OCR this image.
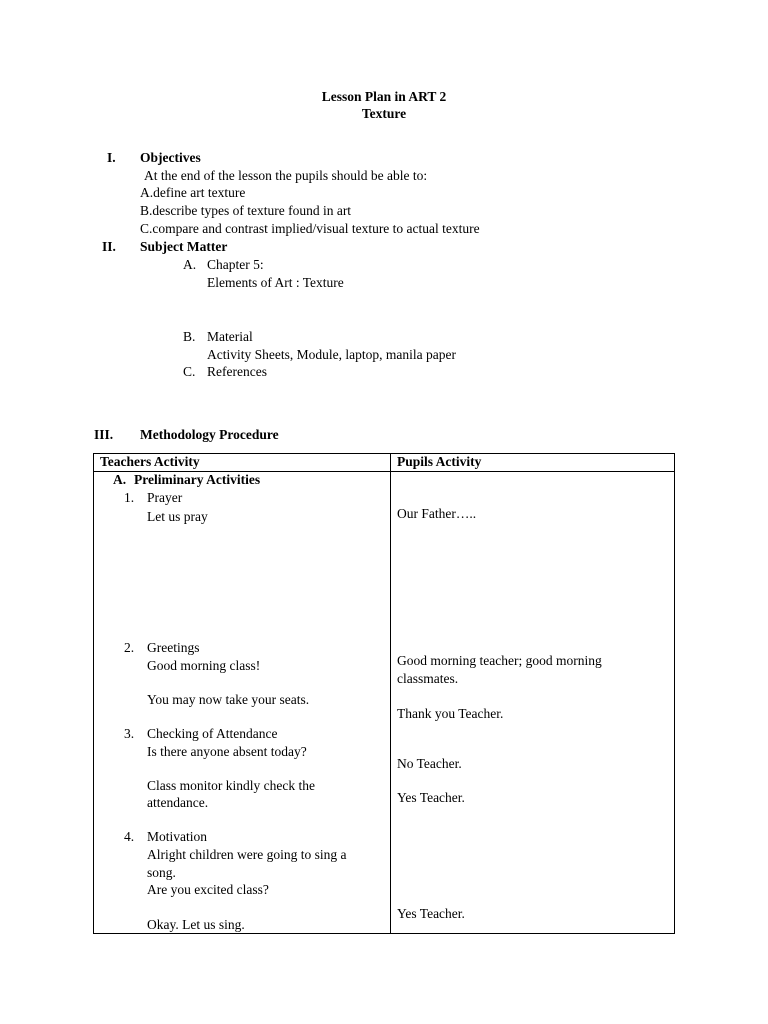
Lesson Plan in ART 2
Texture
I. Objectives
At the end of the lesson the pupils should be able to:
A.define art texture
B.describe types of texture found in art
C.compare and contrast implied/visual texture to actual texture
II. Subject Matter
A. Chapter 5:
Elements of Art : Texture
B. Material
Activity Sheets, Module, laptop, manila paper
C. References
III. Methodology Procedure
Teachers Activity	Pupils Activity
A. Preliminary Activities
1. Prayer
Let us pray	Our Father…..
2. Greetings
Good morning class!
You may now take your seats.
Good morning teacher; good morning
classmates.
Thank you Teacher.
3. Checking of Attendance
Is there anyone absent today?
Class monitor kindly check the
attendance.
No Teacher.
Yes Teacher.
4. Motivation
Alright children were going to sing a
song.
Are you excited class?
Okay. Let us sing.
Yes Teacher.
